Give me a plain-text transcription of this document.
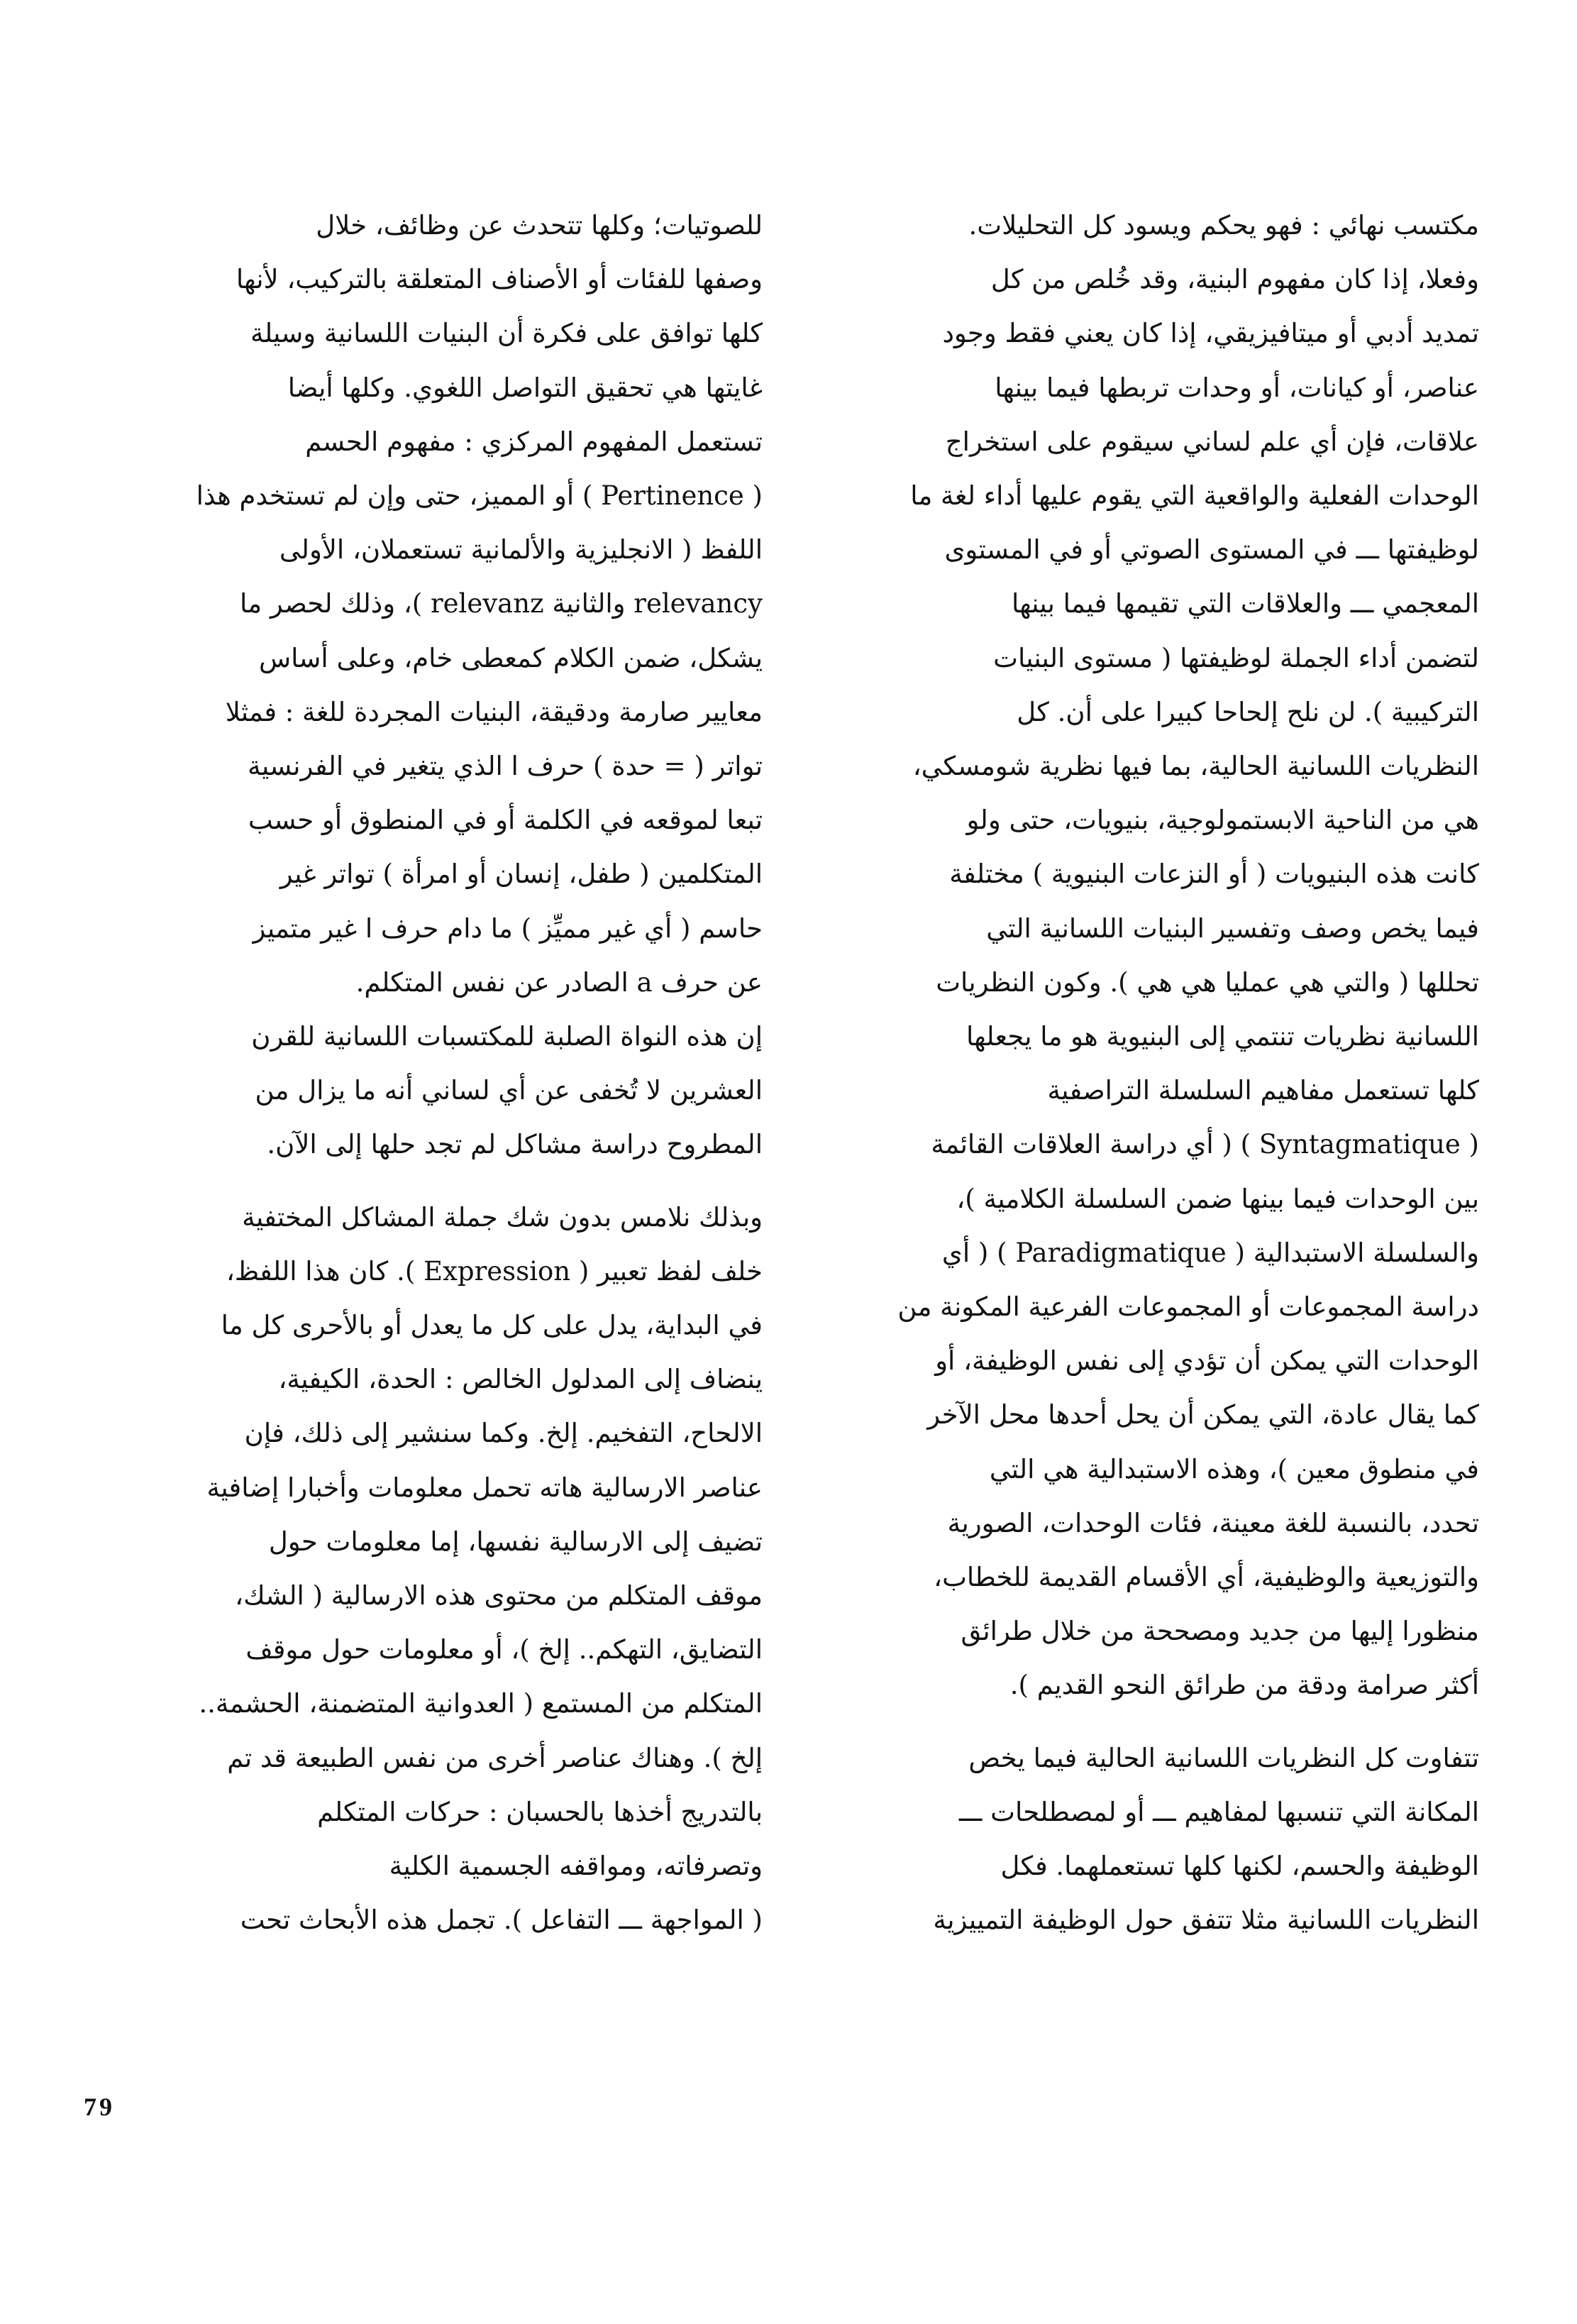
مكتسب نهائي : فهو يحكم ويسود كل التحليلات.
وفعلا، إذا كان مفهوم البنية، وقد خُلص من كل
تمديد أدبي أو ميتافيزيقي، إذا كان يعني فقط وجود
عناصر، أو كيانات، أو وحدات تربطها فيما بينها
علاقات، فإن أي علم لساني سيقوم على استخراج
الوحدات الفعلية والواقعية التي يقوم عليها أداء لغة ما
لوظيفتها ـــ في المستوى الصوتي أو في المستوى
المعجمي ـــ والعلاقات التي تقيمها فيما بينها
لتضمن أداء الجملة لوظيفتها ( مستوى البنيات
التركيبية ). لن نلح إلحاحا كبيرا على أن. كل
النظريات اللسانية الحالية، بما فيها نظرية شومسكي،
هي من الناحية الابستمولوجية، بنيويات، حتى ولو
كانت هذه البنيويات ( أو النزعات البنيوية ) مختلفة
فيما يخص وصف وتفسير البنيات اللسانية التي
تحللها ( والتي هي عمليا هي هي ). وكون النظريات
اللسانية نظريات تنتمي إلى البنيوية هو ما يجعلها
كلها تستعمل مفاهيم السلسلة التراصفية
( Syntagmatique ) ( أي دراسة العلاقات القائمة
بين الوحدات فيما بينها ضمن السلسلة الكلامية )،
والسلسلة الاستبدالية ( Paradigmatique ) ( أي
دراسة المجموعات أو المجموعات الفرعية المكونة من
الوحدات التي يمكن أن تؤدي إلى نفس الوظيفة، أو
كما يقال عادة، التي يمكن أن يحل أحدها محل الآخر
في منطوق معين )، وهذه الاستبدالية هي التي
تحدد، بالنسبة للغة معينة، فئات الوحدات، الصورية
والتوزيعية والوظيفية، أي الأقسام القديمة للخطاب،
منظورا إليها من جديد ومصححة من خلال طرائق
أكثر صرامة ودقة من طرائق النحو القديم ).
تتفاوت كل النظريات اللسانية الحالية فيما يخص
المكانة التي تنسبها لمفاهيم ـــ أو لمصطلحات ـــ
الوظيفة والحسم، لكنها كلها تستعملهما. فكل
النظريات اللسانية مثلا تتفق حول الوظيفة التمييزية
للصوتيات؛ وكلها تتحدث عن وظائف، خلال
وصفها للفئات أو الأصناف المتعلقة بالتركيب، لأنها
كلها توافق على فكرة أن البنيات اللسانية وسيلة
غايتها هي تحقيق التواصل اللغوي. وكلها أيضا
تستعمل المفهوم المركزي : مفهوم الحسم
( Pertinence ) أو المميز، حتى وإن لم تستخدم هذا
اللفظ ( الانجليزية والألمانية تستعملان، الأولى
relevancy والثانية relevanz )، وذلك لحصر ما
يشكل، ضمن الكلام كمعطى خام، وعلى أساس
معايير صارمة ودقيقة، البنيات المجردة للغة : فمثلا
تواتر ( = حدة ) حرف ا الذي يتغير في الفرنسية
تبعا لموقعه في الكلمة أو في المنطوق أو حسب
المتكلمين ( طفل، إنسان أو امرأة ) تواتر غير
حاسم ( أي غير مميِّز ) ما دام حرف ا غير متميز
عن حرف a الصادر عن نفس المتكلم.
إن هذه النواة الصلبة للمكتسبات اللسانية للقرن
العشرين لا تُخفى عن أي لساني أنه ما يزال من
المطروح دراسة مشاكل لم تجد حلها إلى الآن.
وبذلك نلامس بدون شك جملة المشاكل المختفية
خلف لفظ تعبير ( Expression ). كان هذا اللفظ،
في البداية، يدل على كل ما يعدل أو بالأحرى كل ما
ينضاف إلى المدلول الخالص : الحدة، الكيفية،
الالحاح، التفخيم. إلخ. وكما سنشير إلى ذلك، فإن
عناصر الارسالية هاته تحمل معلومات وأخبارا إضافية
تضيف إلى الارسالية نفسها، إما معلومات حول
موقف المتكلم من محتوى هذه الارسالية ( الشك،
التضايق، التهكم.. إلخ )، أو معلومات حول موقف
المتكلم من المستمع ( العدوانية المتضمنة، الحشمة..
إلخ ). وهناك عناصر أخرى من نفس الطبيعة قد تم
بالتدريج أخذها بالحسبان : حركات المتكلم
وتصرفاته، ومواقفه الجسمية الكلية
( المواجهة ـــ التفاعل ). تجمل هذه الأبحاث تحت
79
